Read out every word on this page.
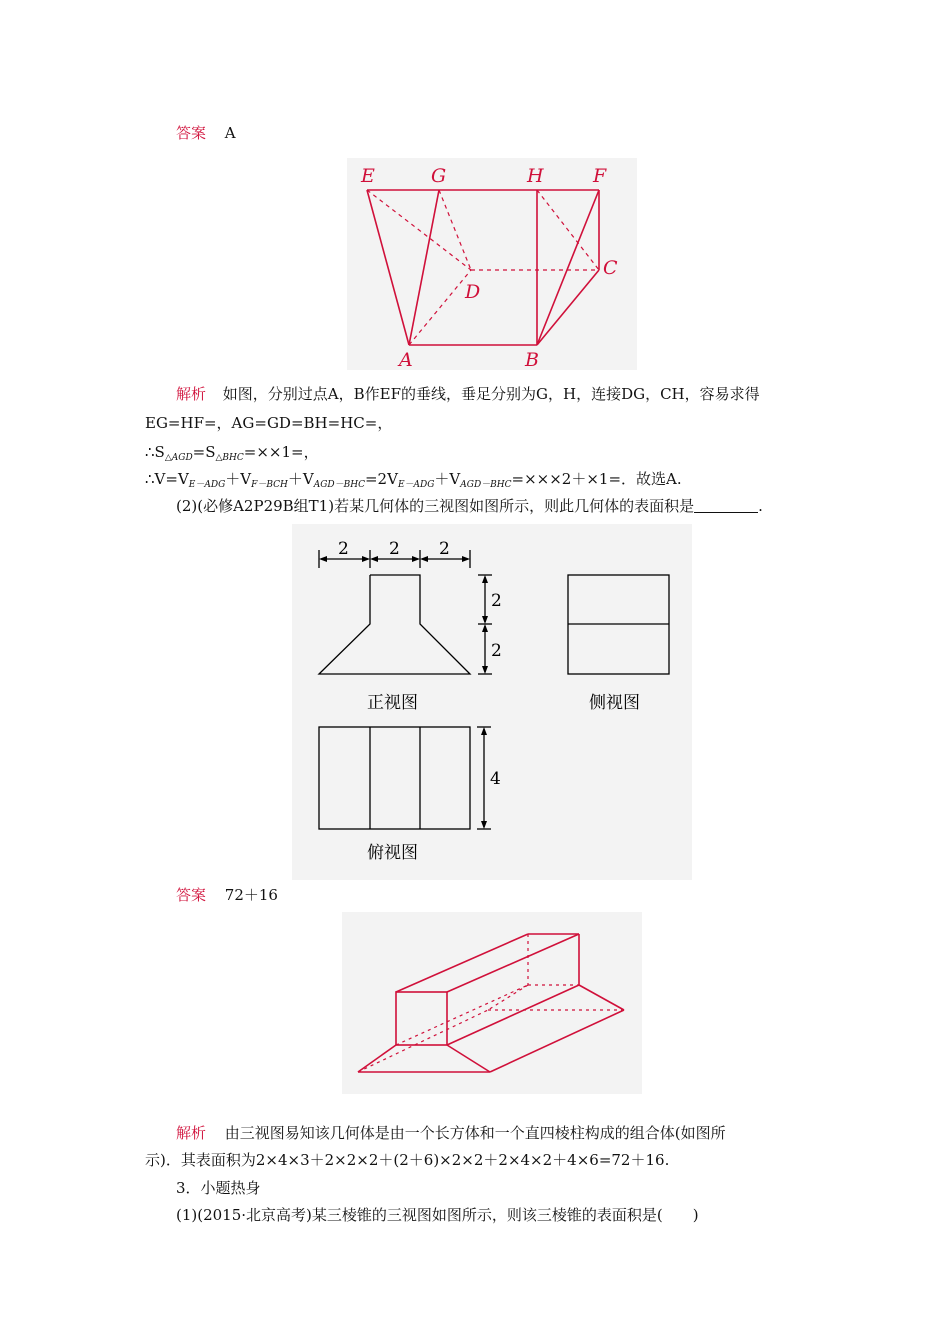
答案 A
E	G	H	F
C
D
A	B
解析 如图，分别过点A，B作EF的垂线，垂足分别为G，H，连接DG，CH，容易求得
EG=HF=，AG=GD=BH=HC=，
$\therefore S_{\triangle AGD}=S_{\triangle BHC}=\times\times 1=$，
$\therefore V=V_{E-ADG}+V_{F-BCH}+V_{AGD-BHC}=2V_{E-ADG}+V_{AGD-BHC}=\times\times\times 2+\times 1=$．故选A.
(2)(必修A2P29B组T1)若某几何体的三视图如图所示，则此几何体的表面积是	.
2 2 2
2
2
4
正视图	侧视图
俯视图
答案 72＋16
解析 由三视图易知该几何体是由一个长方体和一个直四棱柱构成的组合体(如图所
示)．其表面积为2×4×3＋2×2×2＋(2＋6)×2×2＋2×4×2＋4×6=72＋16.
3．小题热身
(1)(2015·北京高考)某三棱锥的三视图如图所示，则该三棱锥的表面积是(　　)
